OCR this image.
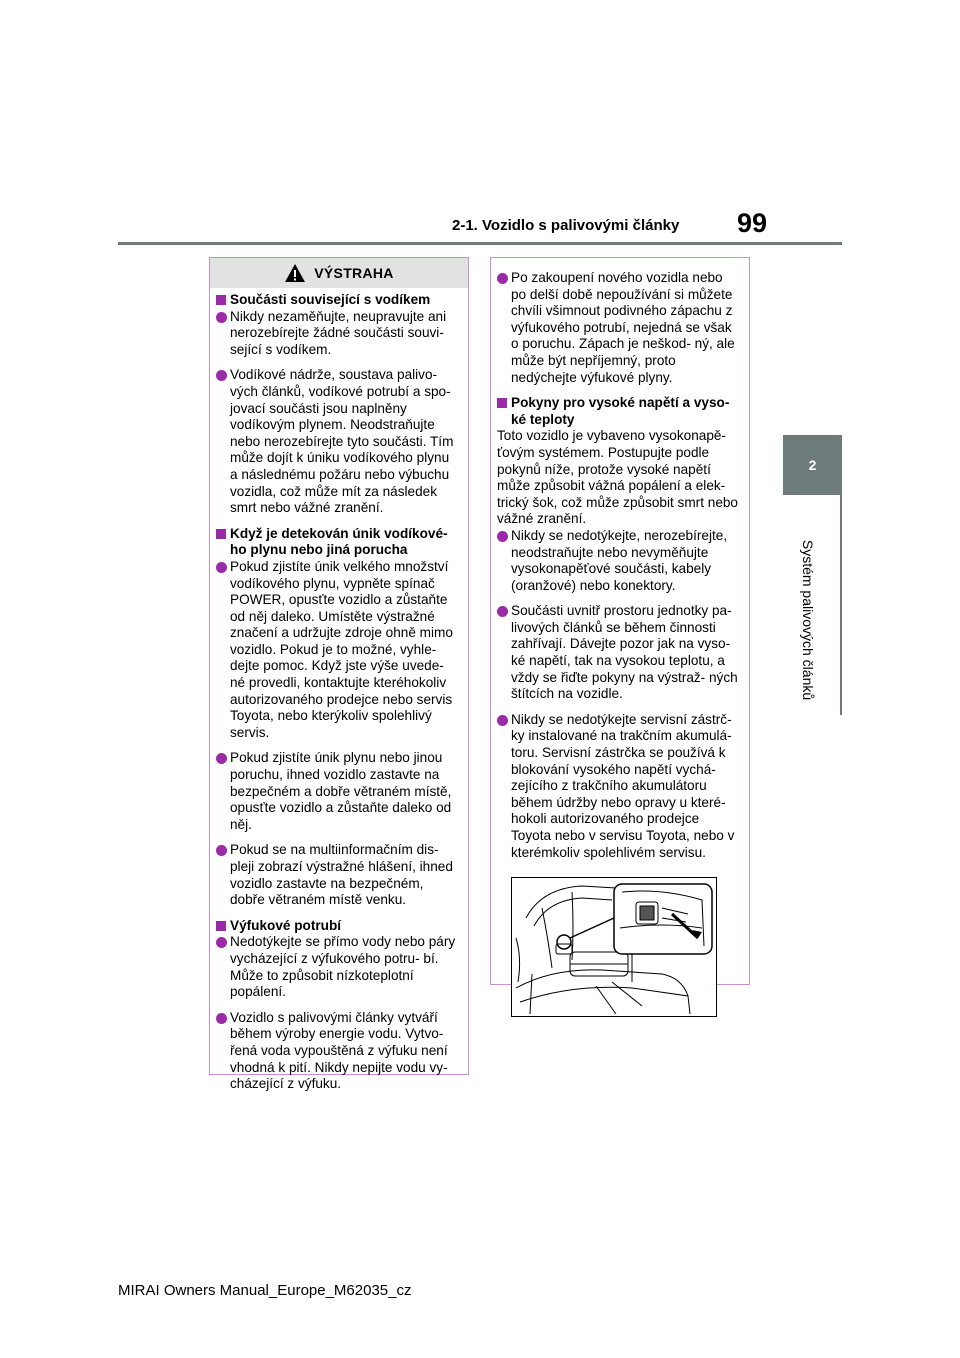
2-1. Vozidlo s palivovými články 99
2
Systém palivových článků
VÝSTRAHA
Součásti související s vodíkem
Nikdy nezaměňujte, neupravujte ani nerozebírejte žádné součásti souvi- sející s vodíkem.
Vodíkové nádrže, soustava palivo- vých článků, vodíkové potrubí a spo- jovací součásti jsou naplněny vodíkovým plynem. Neodstraňujte nebo nerozebírejte tyto součásti. Tím může dojít k úniku vodíkového plynu a následnému požáru nebo výbuchu vozidla, což může mít za následek smrt nebo vážné zranění.
Když je detekován únik vodíkové- ho plynu nebo jiná porucha
Pokud zjistíte únik velkého množství vodíkového plynu, vypněte spínač POWER, opusťte vozidlo a zůstaňte od něj daleko. Umístěte výstražné značení a udržujte zdroje ohně mimo vozidlo. Pokud je to možné, vyhle- dejte pomoc. Když jste výše uvede- né provedli, kontaktujte kteréhokoliv autorizovaného prodejce nebo servis Toyota, nebo kterýkoliv spolehlivý servis.
Pokud zjistíte únik plynu nebo jinou poruchu, ihned vozidlo zastavte na bezpečném a dobře větraném místě, opusťte vozidlo a zůstaňte daleko od něj.
Pokud se na multiinformačním dis- pleji zobrazí výstražné hlášení, ihned vozidlo zastavte na bezpečném, dobře větraném místě venku.
Výfukové potrubí
Nedotýkejte se přímo vody nebo páry vycházející z výfukového potru- bí. Může to způsobit nízkoteplotní popálení.
Vozidlo s palivovými články vytváří během výroby energie vodu. Vytvo- řená voda vypouštěná z výfuku není vhodná k pití. Nikdy nepijte vodu vy- cházející z výfuku.
Po zakoupení nového vozidla nebo po delší době nepoužívání si můžete chvíli všimnout podivného zápachu z výfukového potrubí, nejedná se však o poruchu. Zápach je neškod- ný, ale může být nepříjemný, proto nedýchejte výfukové plyny.
Pokyny pro vysoké napětí a vyso- ké teploty
Toto vozidlo je vybaveno vysokonapě- ťovým systémem. Postupujte podle pokynů níže, protože vysoké napětí může způsobit vážná popálení a elek- trický šok, což může způsobit smrt nebo vážné zranění.
Nikdy se nedotýkejte, nerozebírejte, neodstraňujte nebo nevyměňujte vysokonapěťové součásti, kabely (oranžové) nebo konektory.
Součásti uvnitř prostoru jednotky pa- livových článků se během činnosti zahřívají. Dávejte pozor jak na vyso- ké napětí, tak na vysokou teplotu, a vždy se řiďte pokyny na výstraž- ných štítcích na vozidle.
Nikdy se nedotýkejte servisní zástrč- ky instalované na trakčním akumulá- toru. Servisní zástrčka se používá k blokování vysokého napětí vychá- zejícího z trakčního akumulátoru během údržby nebo opravy u které- hokoli autorizovaného prodejce Toyota nebo v servisu Toyota, nebo v kterémkoliv spolehlivém servisu.
MIRAI Owners Manual_Europe_M62035_cz
